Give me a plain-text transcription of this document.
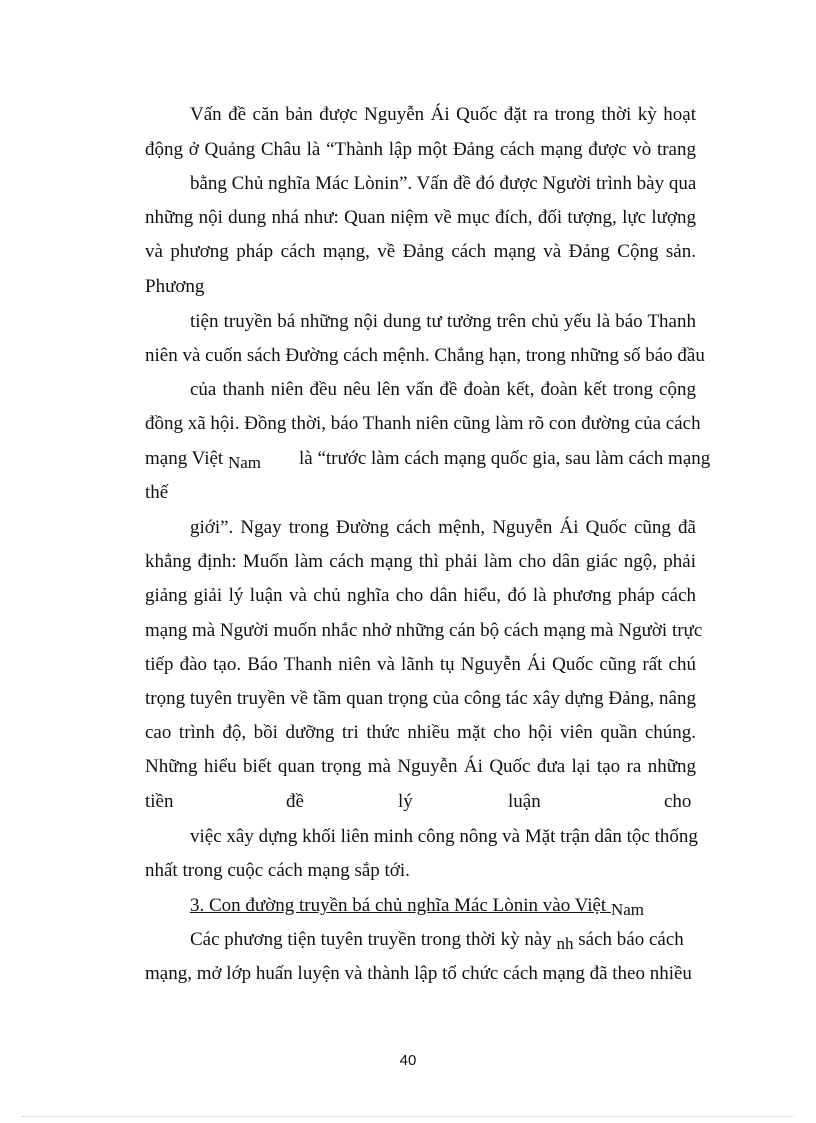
Vấn đề căn bản được Nguyễn Ái Quốc đặt ra trong thời kỳ hoạt
động ở Quảng Châu là “Thành lập một Đảng cách mạng được vò trang
bằng Chủ nghĩa Mác Lònin”. Vấn đề đó được Người trình bày qua
những nội dung nhá như: Quan niệm về mục đích, đối tượng, lực lượng
và phương pháp cách mạng, về Đảng cách mạng và Đảng Cộng sản.
Phương
tiện truyền bá những nội dung tư tưởng trên chủ yếu là báo Thanh
niên và cuốn sách Đường cách mệnh. Chẳng hạn, trong những số báo đầu
của thanh niên đều nêu lên vấn đề đoàn kết, đoàn kết trong cộng
đồng xã hội. Đồng thời, báo Thanh niên cũng làm rõ con đường của cách
mạng Việt Nam là “trước làm cách mạng quốc gia, sau làm cách mạng
thế
giới”. Ngay trong Đường cách mệnh, Nguyễn Ái Quốc cũng đã
khẳng định: Muốn làm cách mạng thì phải làm cho dân giác ngộ, phải
giảng giải lý luận và chủ nghĩa cho dân hiểu, đó là phương pháp cách
mạng mà Người muốn nhắc nhở những cán bộ cách mạng mà Người trực
tiếp đào tạo. Báo Thanh niên và lãnh tụ Nguyễn Ái Quốc cũng rất chú
trọng tuyên truyền về tầm quan trọng của công tác xây dựng Đảng, nâng
cao trình độ, bồi dưỡng tri thức nhiều mặt cho hội viên quần chúng.
Những hiểu biết quan trọng mà Nguyễn Ái Quốc đưa lại tạo ra những
tiền	đề	lý	luận	cho
việc xây dựng khối liên minh công nông và Mặt trận dân tộc thống
nhất trong cuộc cách mạng sắp tới.
3. Con đường truyền bá chủ nghĩa Mác Lònin vào Việt Nam
Các phương tiện tuyên truyền trong thời kỳ này nh sách báo cách
mạng, mở lớp huấn luyện và thành lập tổ chức cách mạng đã theo nhiều
40
